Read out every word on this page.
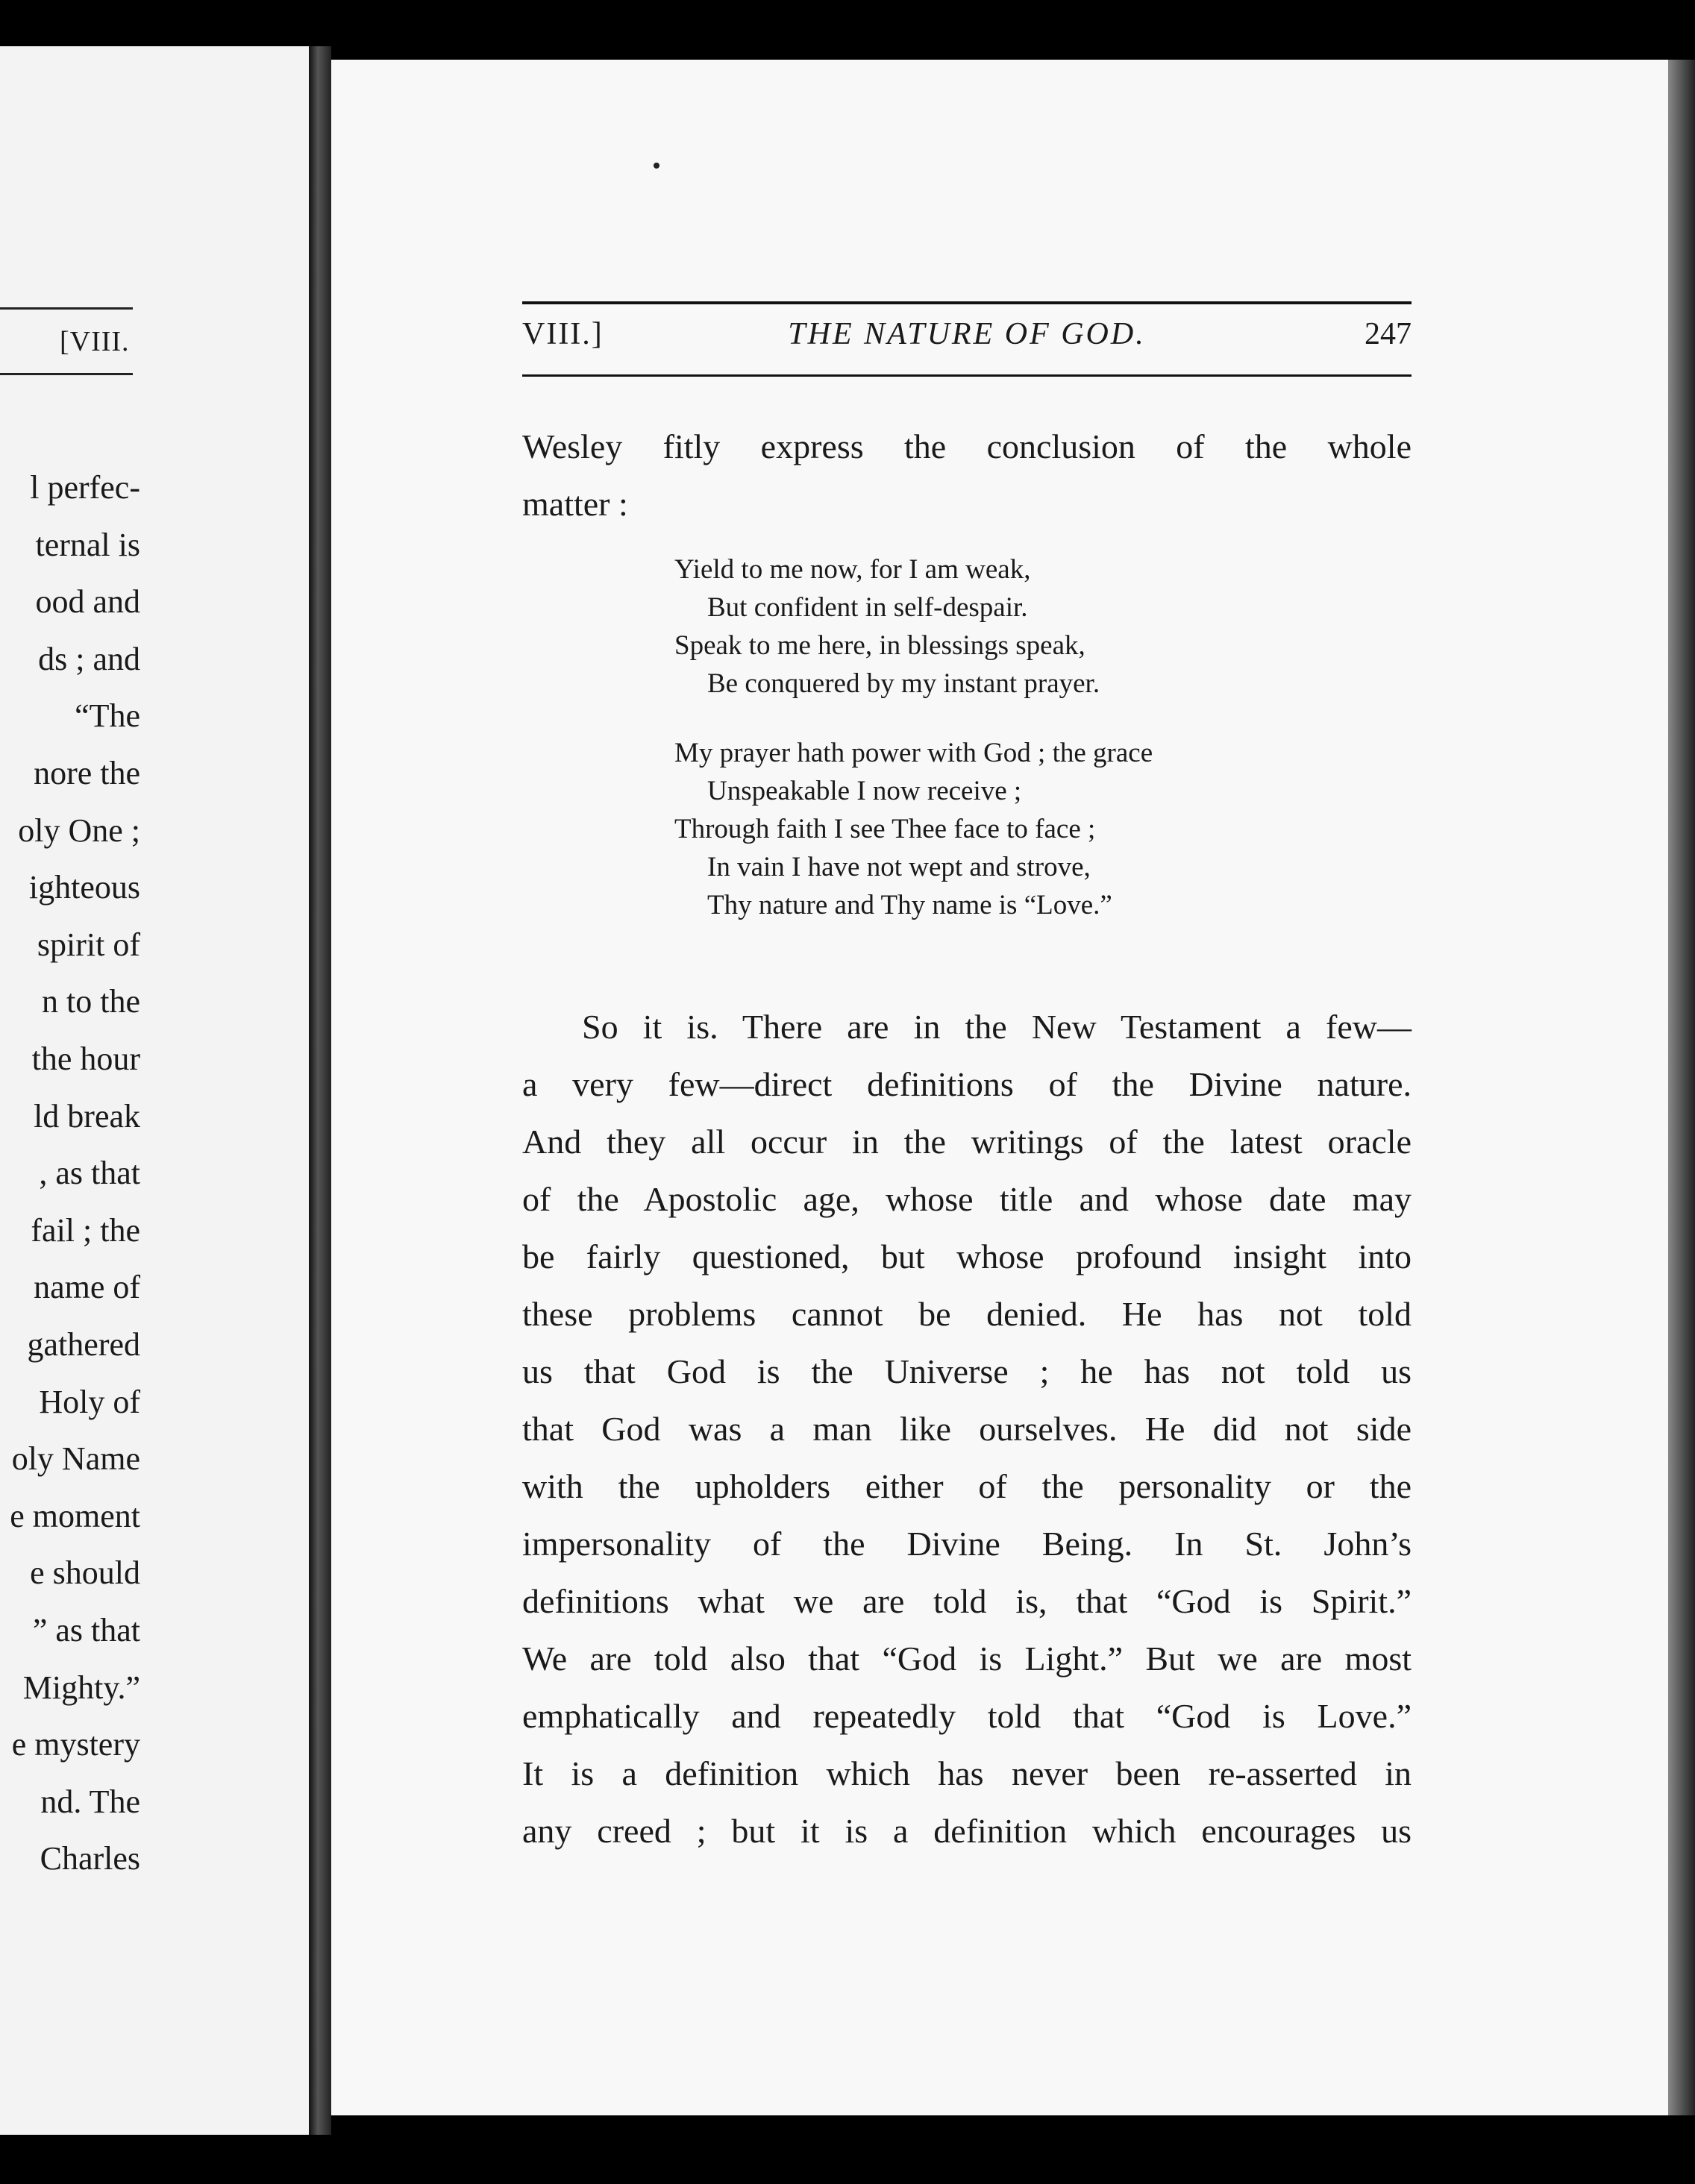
[VIII.
l perfec-
ternal is
ood and
ds ; and
“The
nore the
oly One ;
ighteous
spirit of
n to the
the hour
ld break
, as that
fail ; the
name of
gathered
Holy of
oly Name
e moment
e should
” as that
Mighty.”
e mystery
nd. The
Charles
VIII.]	THE NATURE OF GOD.	247
Wesley fitly express the conclusion of the whole
matter :
Yield to me now, for I am weak,
But confident in self-despair.
Speak to me here, in blessings speak,
Be conquered by my instant prayer.
My prayer hath power with God ; the grace
Unspeakable I now receive ;
Through faith I see Thee face to face ;
In vain I have not wept and strove,
Thy nature and Thy name is “Love.”
So it is. There are in the New Testament a few—
a very few—direct definitions of the Divine nature.
And they all occur in the writings of the latest oracle
of the Apostolic age, whose title and whose date may
be fairly questioned, but whose profound insight into
these problems cannot be denied. He has not told
us that God is the Universe ; he has not told us
that God was a man like ourselves. He did not side
with the upholders either of the personality or the
impersonality of the Divine Being. In St. John’s
definitions what we are told is, that “God is Spirit.”
We are told also that “God is Light.” But we are most
emphatically and repeatedly told that “God is Love.”
It is a definition which has never been re-asserted in
any creed ; but it is a definition which encourages us
